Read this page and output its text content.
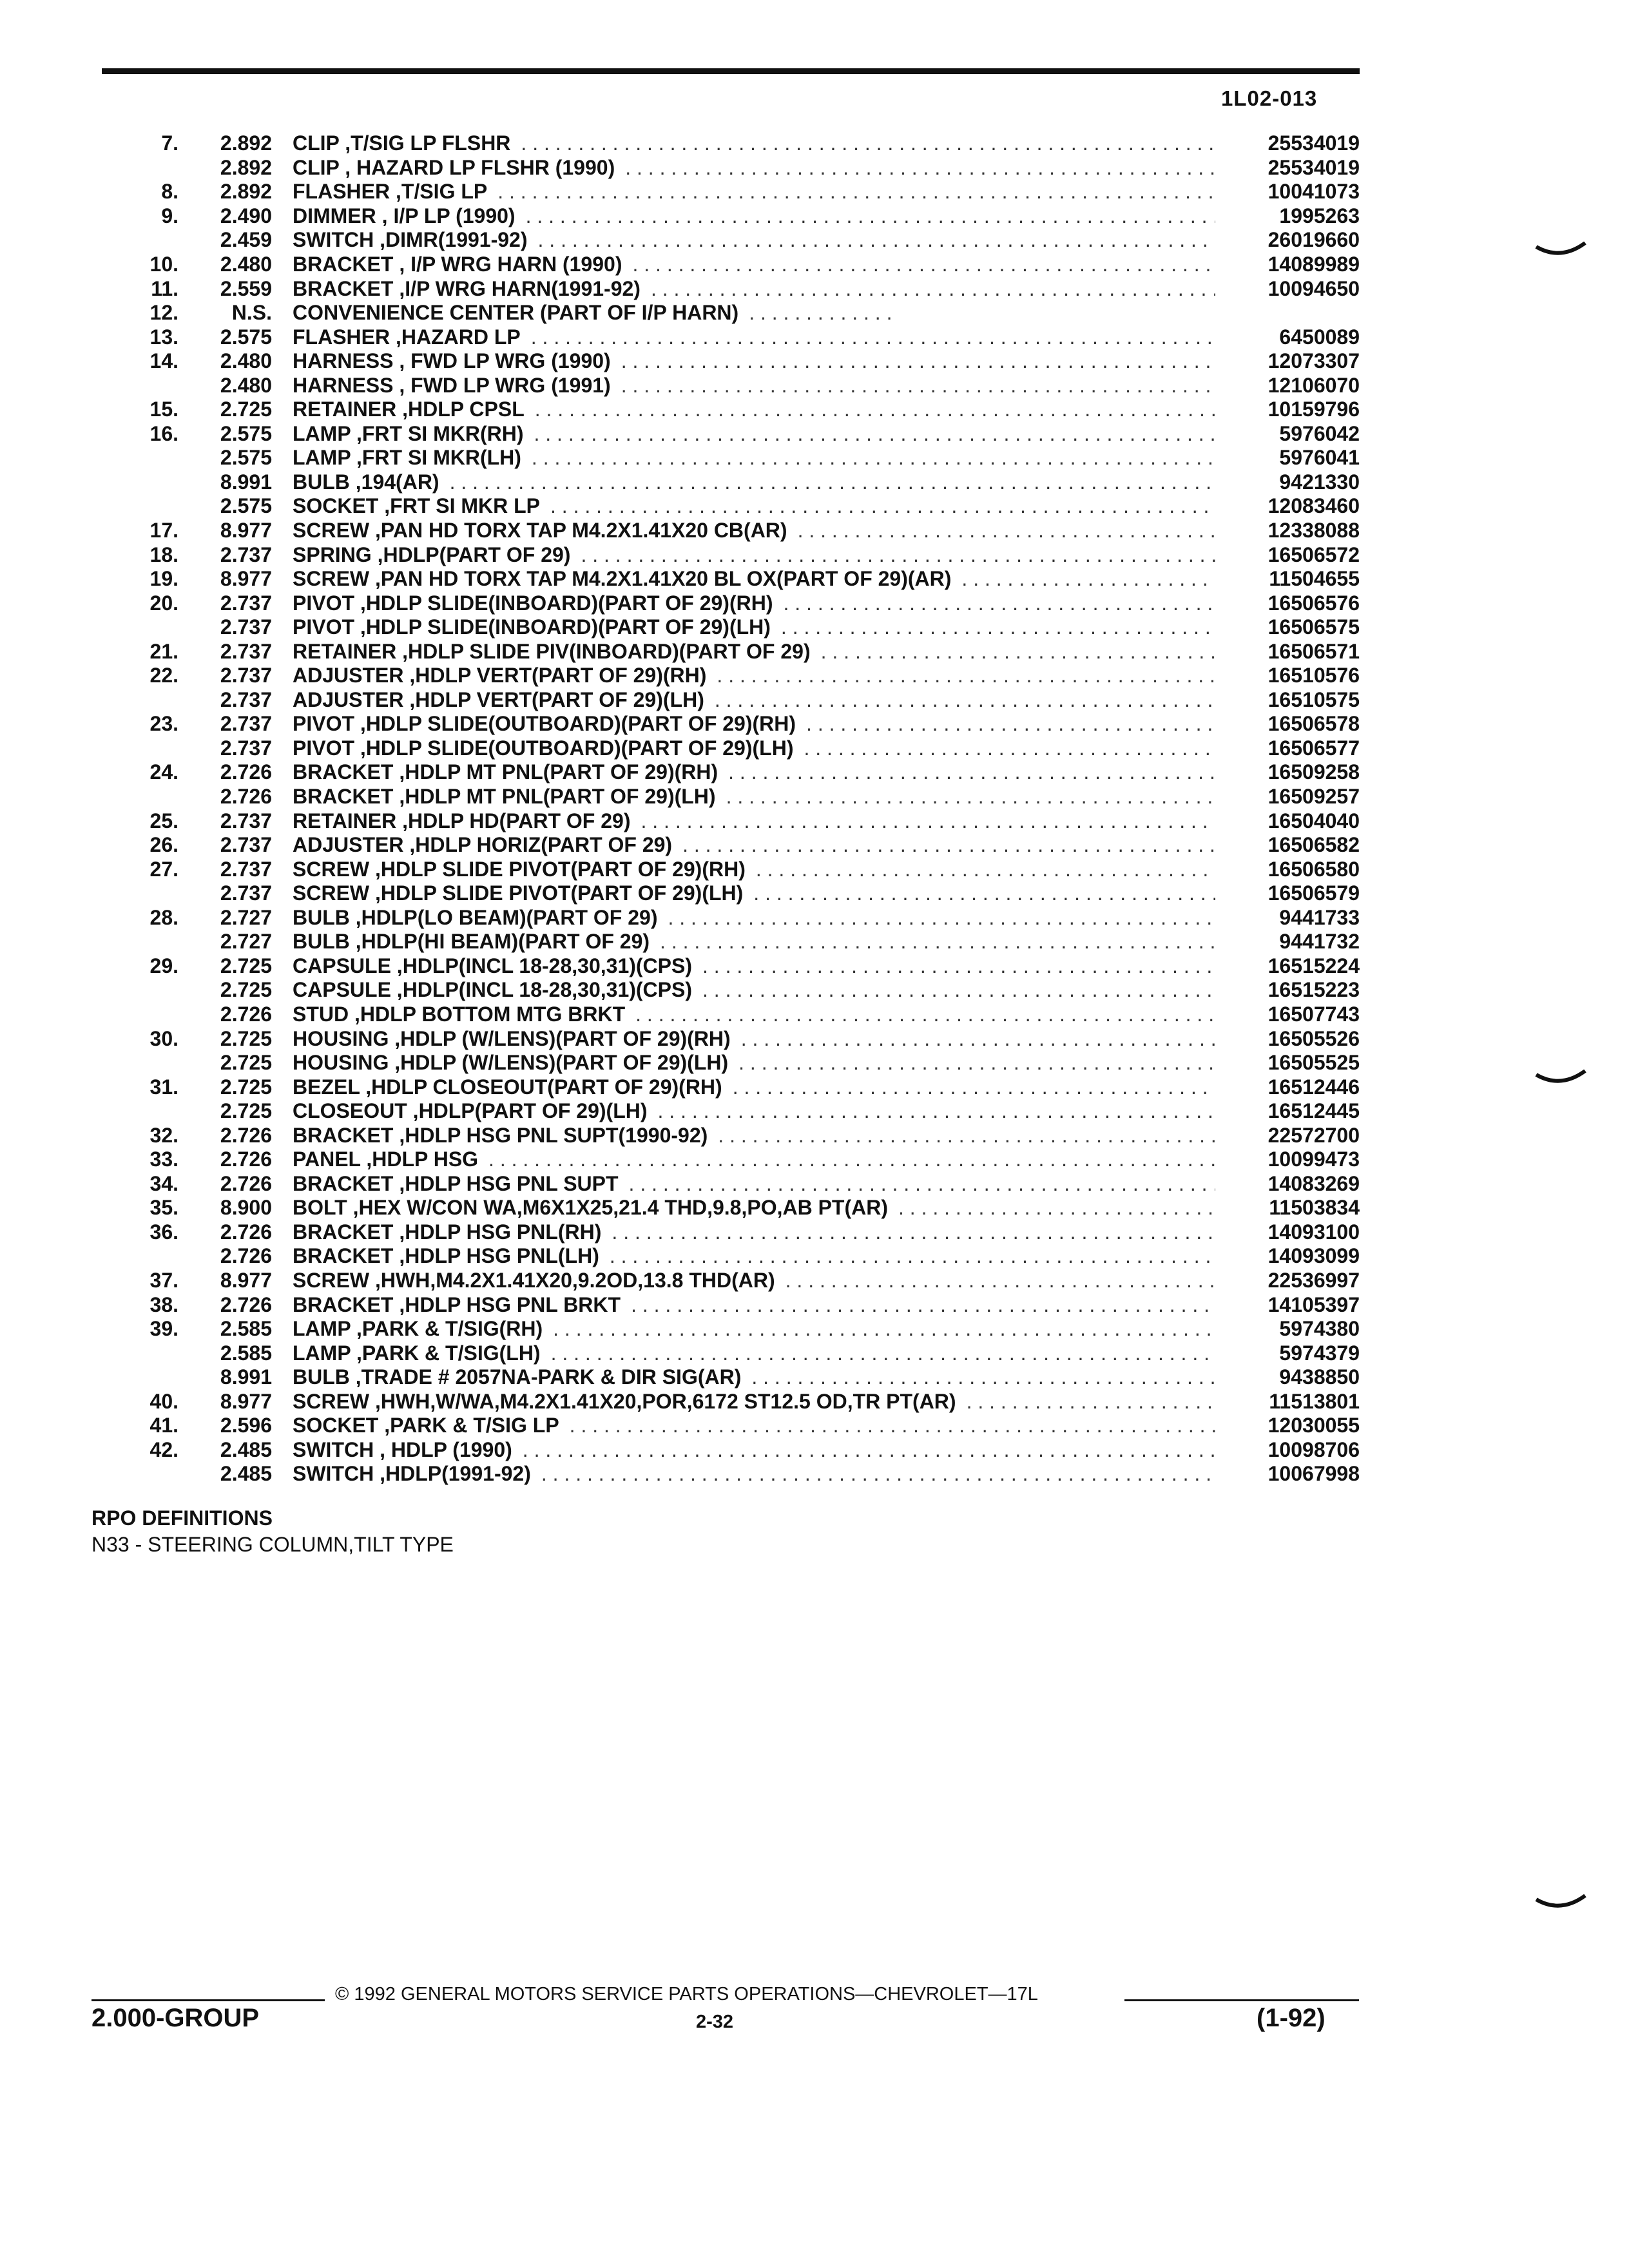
1L02-013
7.	2.892 CLIP ,T/SIG LP FLSHR . . .	25534019
2.892 CLIP , HAZARD LP FLSHR (1990) . . .	25534019
8.	2.892 FLASHER ,T/SIG LP . . .	10041073
9.	2.490 DIMMER , I/P LP (1990) . . .	1995263
2.459 SWITCH ,DIMR(1991-92) . . .	26019660
10.	2.480 BRACKET , I/P WRG HARN (1990) . . .	14089989
11.	2.559 BRACKET ,I/P WRG HARN(1991-92) . . .	10094650
12.	N.S. CONVENIENCE CENTER (PART OF I/P HARN)
. . .
13.	2.575 FLASHER ,HAZARD LP . . .	6450089
14.	2.480 HARNESS , FWD LP WRG (1990) . . .	12073307
2.480 HARNESS , FWD LP WRG (1991) . . .	12106070
15.	2.725 RETAINER ,HDLP CPSL . . .	10159796
16.	2.575 LAMP ,FRT SI MKR(RH) . . .	5976042
2.575 LAMP ,FRT SI MKR(LH) . . .	5976041
8.991 BULB ,194(AR) . . .	9421330
2.575 SOCKET ,FRT SI MKR LP . . .	12083460
17.	8.977 SCREW ,PAN HD TORX TAP M4.2X1.41X20 CB(AR) . . .	12338088
18.	2.737 SPRING ,HDLP(PART OF 29) . . .	16506572
19.	8.977 SCREW ,PAN HD TORX TAP M4.2X1.41X20 BL OX(PART OF 29)(AR) . . .	11504655
20.	2.737 PIVOT ,HDLP SLIDE(INBOARD)(PART OF 29)(RH) . . .	16506576
2.737 PIVOT ,HDLP SLIDE(INBOARD)(PART OF 29)(LH) . . .	16506575
21.	2.737 RETAINER ,HDLP SLIDE PIV(INBOARD)(PART OF 29) . . .	16506571
22.	2.737 ADJUSTER ,HDLP VERT(PART OF 29)(RH) . . .	16510576
2.737 ADJUSTER ,HDLP VERT(PART OF 29)(LH) . . .	16510575
23.	2.737 PIVOT ,HDLP SLIDE(OUTBOARD)(PART OF 29)(RH) . . .	16506578
2.737 PIVOT ,HDLP SLIDE(OUTBOARD)(PART OF 29)(LH) . . .	16506577
24.	2.726 BRACKET ,HDLP MT PNL(PART OF 29)(RH) . . .	16509258
2.726 BRACKET ,HDLP MT PNL(PART OF 29)(LH) . . .	16509257
25.	2.737 RETAINER ,HDLP HD(PART OF 29) . . .	16504040
26.	2.737 ADJUSTER ,HDLP HORIZ(PART OF 29) . . .	16506582
27.	2.737 SCREW ,HDLP SLIDE PIVOT(PART OF 29)(RH) . . .	16506580
2.737 SCREW ,HDLP SLIDE PIVOT(PART OF 29)(LH) . . .	16506579
28.	2.727 BULB ,HDLP(LO BEAM)(PART OF 29) . . .	9441733
2.727 BULB ,HDLP(HI BEAM)(PART OF 29) . . .	9441732
29.	2.725 CAPSULE ,HDLP(INCL 18-28,30,31)(CPS) . . .	16515224
2.725 CAPSULE ,HDLP(INCL 18-28,30,31)(CPS) . . .	16515223
2.726 STUD ,HDLP BOTTOM MTG BRKT . . .	16507743
30.	2.725 HOUSING ,HDLP (W/LENS)(PART OF 29)(RH) . . .	16505526
2.725 HOUSING ,HDLP (W/LENS)(PART OF 29)(LH) . . .	16505525
31.	2.725 BEZEL ,HDLP CLOSEOUT(PART OF 29)(RH) . . .	16512446
2.725 CLOSEOUT ,HDLP(PART OF 29)(LH) . . .	16512445
32.	2.726 BRACKET ,HDLP HSG PNL SUPT(1990-92) . . .	22572700
33.	2.726 PANEL ,HDLP HSG . . .	10099473
34.	2.726 BRACKET ,HDLP HSG PNL SUPT . . .	14083269
35.	8.900 BOLT ,HEX W/CON WA,M6X1X25,21.4 THD,9.8,PO,AB PT(AR) . . .	11503834
36.	2.726 BRACKET ,HDLP HSG PNL(RH) . . .	14093100
2.726 BRACKET ,HDLP HSG PNL(LH) . . .	14093099
37.	8.977 SCREW ,HWH,M4.2X1.41X20,9.2OD,13.8 THD(AR) . . .	22536997
38.	2.726 BRACKET ,HDLP HSG PNL BRKT . . .	14105397
39.	2.585 LAMP ,PARK & T/SIG(RH) . . .	5974380
2.585 LAMP ,PARK & T/SIG(LH) . . .	5974379
8.991 BULB ,TRADE # 2057NA-PARK & DIR SIG(AR) . . .	9438850
40.	8.977 SCREW ,HWH,W/WA,M4.2X1.41X20,POR,6172 ST12.5 OD,TR PT(AR) . . .	11513801
41.	2.596 SOCKET ,PARK & T/SIG LP . . .	12030055
42.	2.485 SWITCH , HDLP (1990) . . .	10098706
2.485 SWITCH ,HDLP(1991-92) . . .	10067998
RPO DEFINITIONS
N33 - STEERING COLUMN,TILT TYPE
© 1992 GENERAL MOTORS SERVICE PARTS OPERATIONS—CHEVROLET—17L
2.000-GROUP	2-32	(1-92)
